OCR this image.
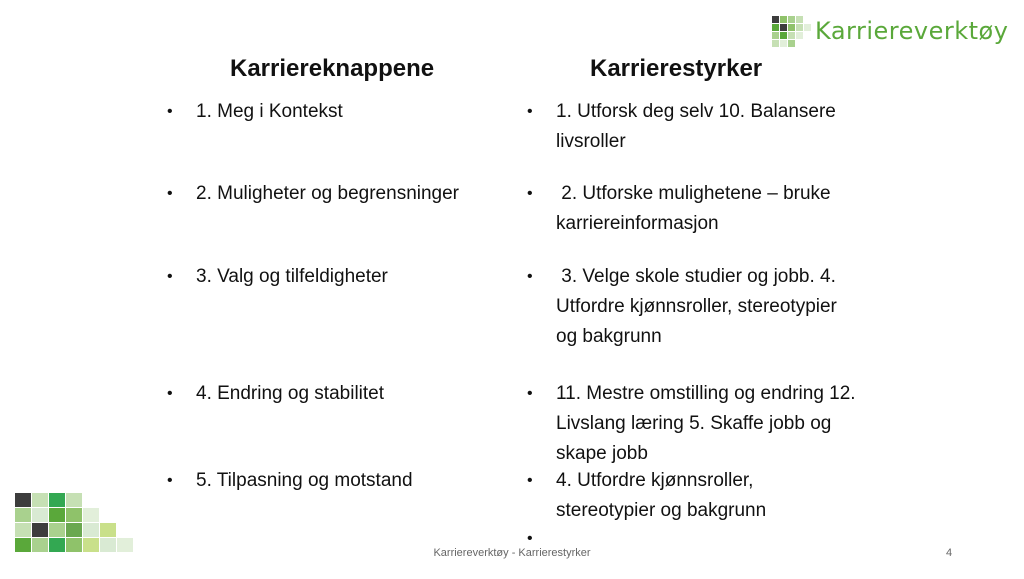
Karriereverktøy
Karriereknappene	Karrierestyrker
• 1. Meg i Kontekst
• 2. Muligheter og begrensninger
• 3. Valg og tilfeldigheter
• 4. Endring og stabilitet
• 5. Tilpasning og motstand
• 1. Utforsk deg selv 10. Balansere
livsroller
• 2. Utforske mulighetene – bruke
karriereinformasjon
• 3. Velge skole studier og jobb. 4.
Utfordre kjønnsroller, stereotypier
og bakgrunn
• 11. Mestre omstilling og endring 12.
Livslang læring 5. Skaffe jobb og
skape jobb
• 4. Utfordre kjønnsroller,
stereotypier og bakgrunn
•
Karriereverktøy - Karrierestyrker	4
